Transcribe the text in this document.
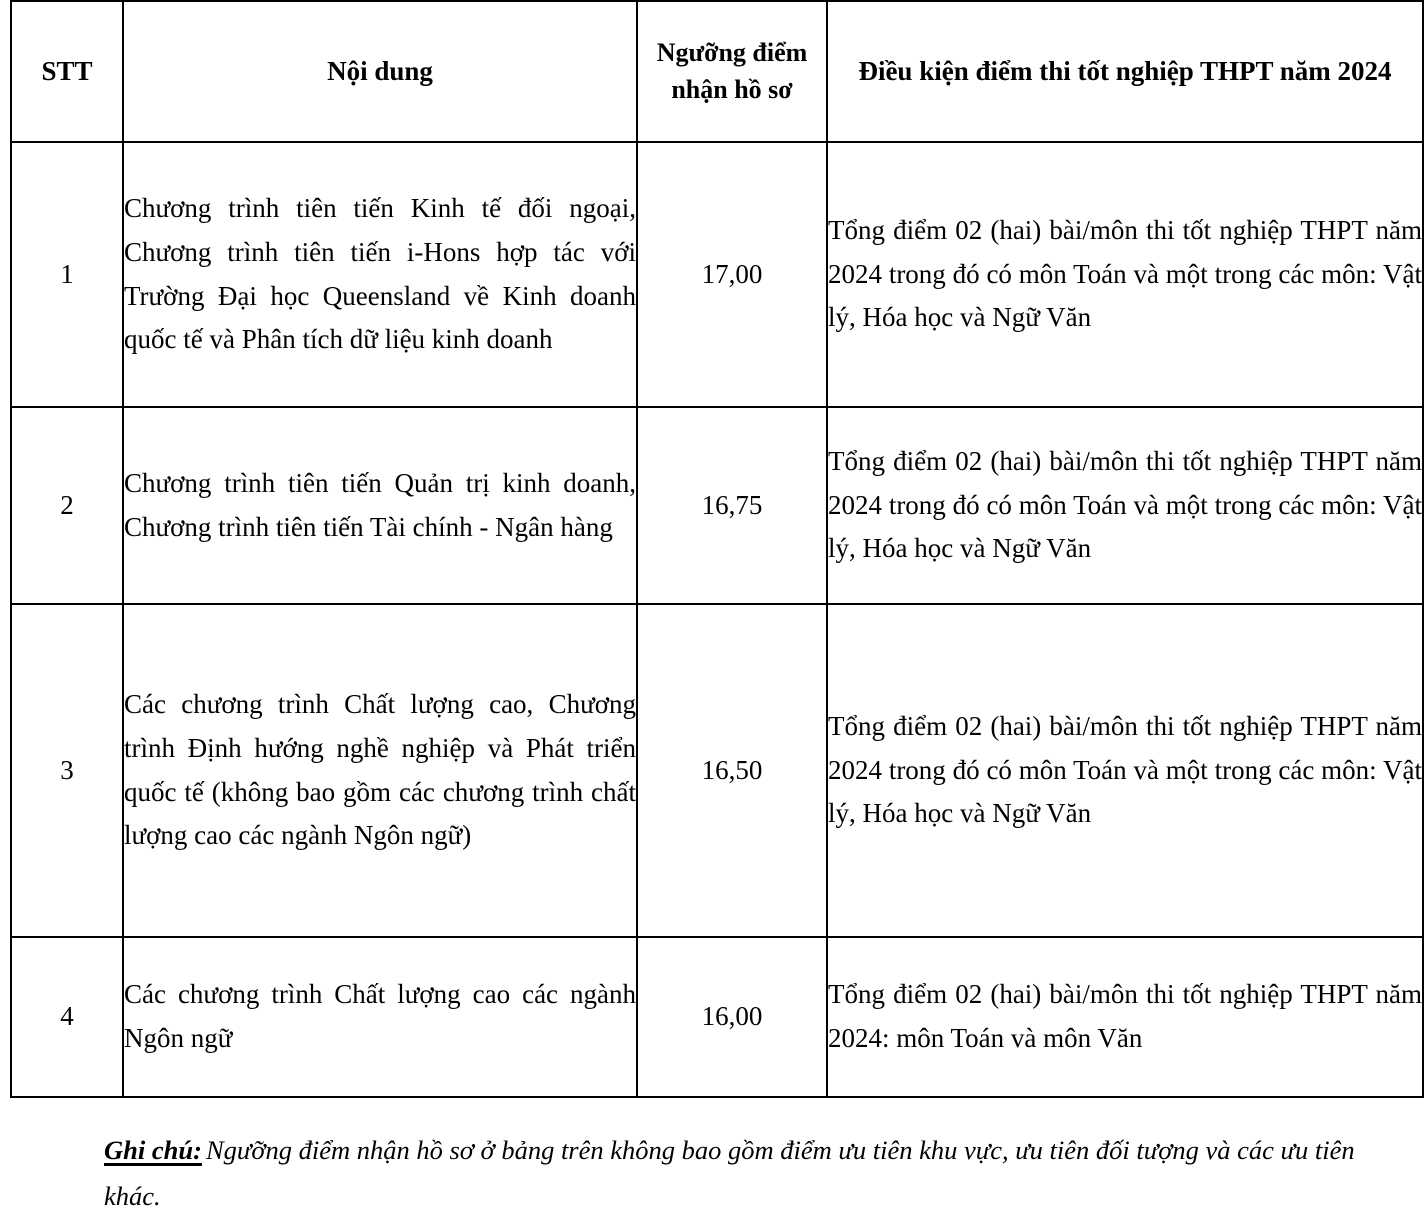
STT	Nội dung	Ngưỡng điểm nhận hồ sơ	Điều kiện điểm thi tốt nghiệp THPT năm 2024
1	Chương trình tiên tiến Kinh tế đối ngoại, Chương trình tiên tiến i-Hons hợp tác với Trường Đại học Queensland về Kinh doanh quốc tế và Phân tích dữ liệu kinh doanh	17,00	Tổng điểm 02 (hai) bài/môn thi tốt nghiệp THPT năm 2024 trong đó có môn Toán và một trong các môn: Vật lý, Hóa học và Ngữ Văn
2	Chương trình tiên tiến Quản trị kinh doanh, Chương trình tiên tiến Tài chính - Ngân hàng	16,75	Tổng điểm 02 (hai) bài/môn thi tốt nghiệp THPT năm 2024 trong đó có môn Toán và một trong các môn: Vật lý, Hóa học và Ngữ Văn
3	Các chương trình Chất lượng cao, Chương trình Định hướng nghề nghiệp và Phát triển quốc tế (không bao gồm các chương trình chất lượng cao các ngành Ngôn ngữ)	16,50	Tổng điểm 02 (hai) bài/môn thi tốt nghiệp THPT năm 2024 trong đó có môn Toán và một trong các môn: Vật lý, Hóa học và Ngữ Văn
4	Các chương trình Chất lượng cao các ngành Ngôn ngữ	16,00	Tổng điểm 02 (hai) bài/môn thi tốt nghiệp THPT năm 2024: môn Toán và môn Văn

Ghi chú: Ngưỡng điểm nhận hồ sơ ở bảng trên không bao gồm điểm ưu tiên khu vực, ưu tiên đối tượng và các ưu tiên khác.
